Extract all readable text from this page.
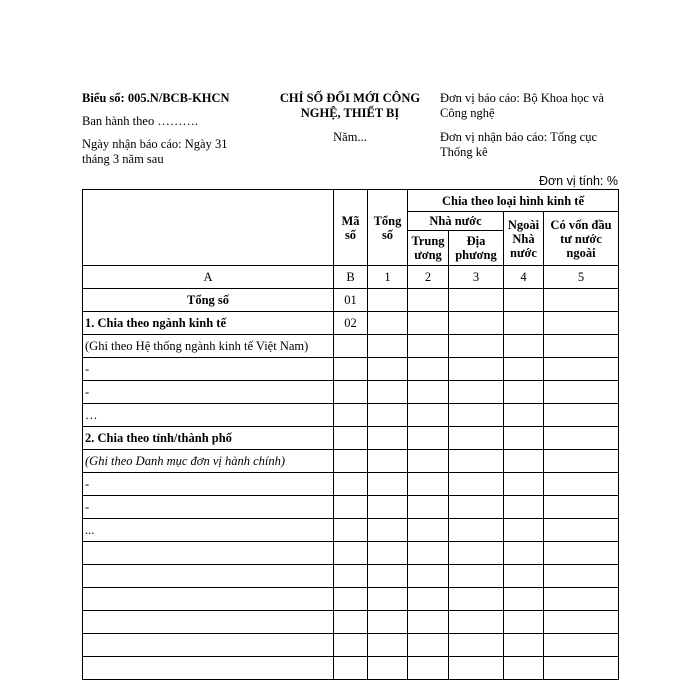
Biểu số: 005.N/BCB-KHCN
Ban hành theo ……….
Ngày nhận báo cáo: Ngày 31 tháng 3 năm sau
CHỈ SỐ ĐỔI MỚI CÔNG
NGHỆ, THIẾT BỊ
Năm...
Đơn vị báo cáo: Bộ Khoa học và Công nghệ
Đơn vị nhận báo cáo: Tổng cục Thống kê
Đơn vị tính: %
	Mã số	Tổng số	Chia theo loại hình kinh tế			
			Nhà nước		Ngoài Nhà nước	Có vốn đầu tư nước ngoài
			Trung ương	Địa phương		
A	B	1	2	3	4	5
Tổng số	01					
1. Chia theo ngành kinh tế	02					
(Ghi theo Hệ thống ngành kinh tế Việt Nam)						
-						
-						
…						
2. Chia theo tỉnh/thành phố						
(Ghi theo Danh mục đơn vị hành chính)						
-						
-						
...						
